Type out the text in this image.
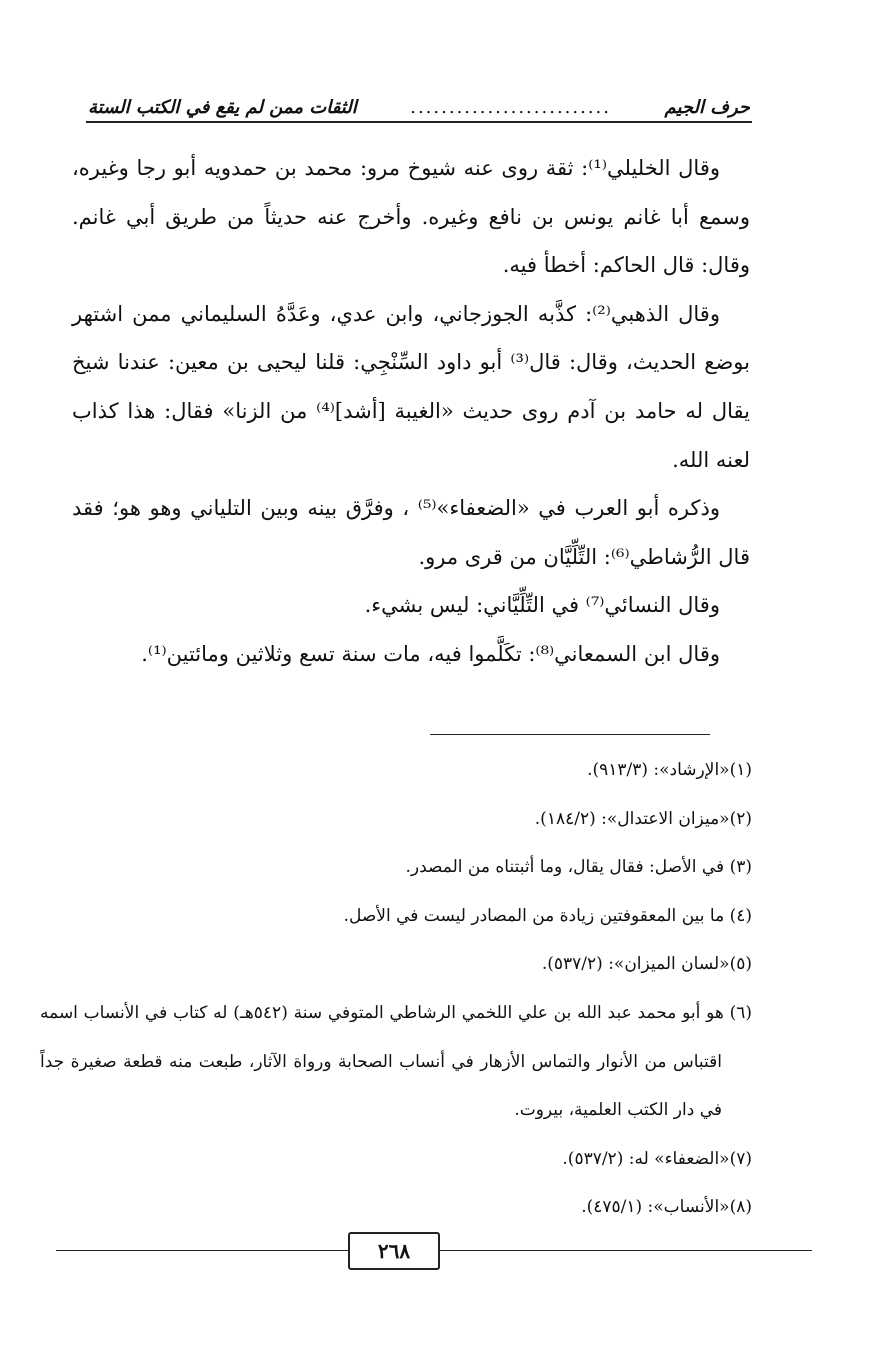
حرف الجيم
..........................
الثقات ممن لم يقع في الكتب الستة

وقال الخليلي⁽¹⁾: ثقة روى عنه شيوخ مرو: محمد بن حمدويه أبو رجا وغيره، وسمع أبا غانم يونس بن نافع وغيره. وأخرج عنه حديثاً من طريق أبي غانم. وقال: قال الحاكم: أخطأ فيه.

وقال الذهبي⁽²⁾: كذَّبه الجوزجاني، وابن عدي، وعَدَّهُ السليماني ممن اشتهر بوضع الحديث، وقال: قال⁽³⁾ أبو داود السِّنْجِي: قلنا ليحيى بن معين: عندنا شيخ يقال له حامد بن آدم روى حديث «الغيبة [أشد]⁽⁴⁾ من الزنا» فقال: هذا كذاب لعنه الله.

وذكره أبو العرب في «الضعفاء»⁽⁵⁾ ، وفرَّق بينه وبين التلياني وهو هو؛ فقد قال الرُّشاطي⁽⁶⁾: التِّلِّيَّان من قرى مرو.

وقال النسائي⁽⁷⁾ في التِّلِّيَّاني: ليس بشيء.

وقال ابن السمعاني⁽⁸⁾: تكَلَّموا فيه، مات سنة تسع وثلاثين ومائتين⁽¹⁾.

(١)«الإرشاد»: (٩١٣/٣).

(٢)«ميزان الاعتدال»: (١٨٤/٢).

(٣) في الأصل: فقال يقال، وما أثبتناه من المصدر.

(٤) ما بين المعقوفتين زيادة من المصادر ليست في الأصل.

(٥)«لسان الميزان»: (٥٣٧/٢).

(٦) هو أبو محمد عبد الله بن علي اللخمي الرشاطي المتوفي سنة (٥٤٢هـ) له كتاب في الأنساب اسمه اقتباس من الأنوار والتماس الأزهار في أنساب الصحابة ورواة الآثار، طبعت منه قطعة صغيرة جداً في دار الكتب العلمية، بيروت.

(٧)«الضعفاء» له: (٥٣٧/٢).

(٨)«الأنساب»: (٤٧٥/١).

٢٦٨
